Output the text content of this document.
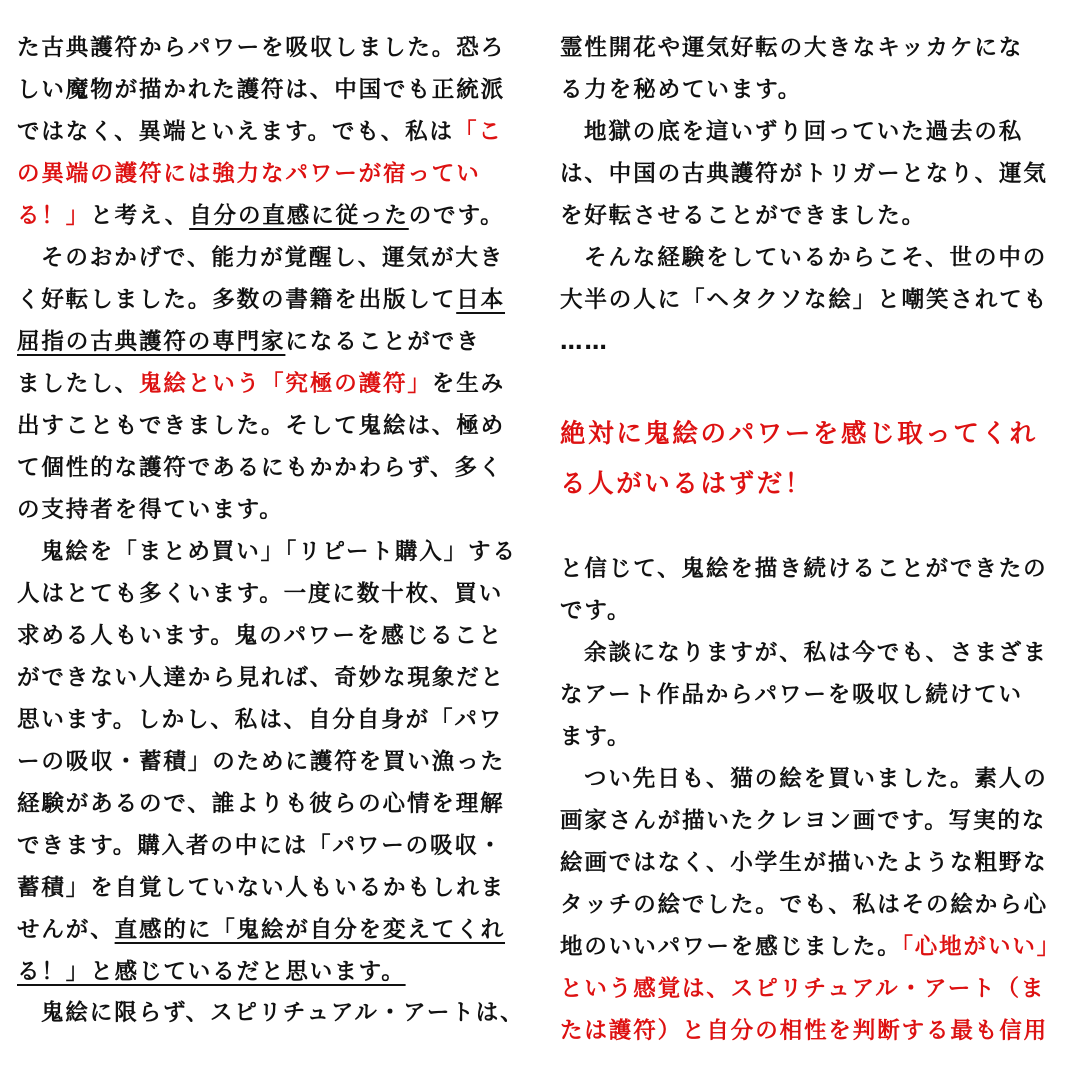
た古典護符からパワーを吸収しました。恐ろ
しい魔物が描かれた護符は、中国でも正統派
ではなく、異端といえます。でも、私は「こ
の異端の護符には強力なパワーが宿ってい
る！」と考え、自分の直感に従ったのです。
そのおかげで、能力が覚醒し、運気が大き
く好転しました。多数の書籍を出版して日本
屈指の古典護符の専門家になることができ
ましたし、鬼絵という「究極の護符」を生み
出すこともできました。そして鬼絵は、極め
て個性的な護符であるにもかかわらず、多く
の支持者を得ています。
鬼絵を「まとめ買い」「リピート購入」する
人はとても多くいます。一度に数十枚、買い
求める人もいます。鬼のパワーを感じること
ができない人達から見れば、奇妙な現象だと
思います。しかし、私は、自分自身が「パワ
ーの吸収・蓄積」のために護符を買い漁った
経験があるので、誰よりも彼らの心情を理解
できます。購入者の中には「パワーの吸収・
蓄積」を自覚していない人もいるかもしれま
せんが、直感的に「鬼絵が自分を変えてくれ
る！」と感じているだと思います。
鬼絵に限らず、スピリチュアル・アートは、
霊性開花や運気好転の大きなキッカケにな
る力を秘めています。
地獄の底を這いずり回っていた過去の私
は、中国の古典護符がトリガーとなり、運気
を好転させることができました。
そんな経験をしているからこそ、世の中の
大半の人に「ヘタクソな絵」と嘲笑されても
……
絶対に鬼絵のパワーを感じ取ってくれ
る人がいるはずだ！
と信じて、鬼絵を描き続けることができたの
です。
余談になりますが、私は今でも、さまざま
なアート作品からパワーを吸収し続けてい
ます。
つい先日も、猫の絵を買いました。素人の
画家さんが描いたクレヨン画です。写実的な
絵画ではなく、小学生が描いたような粗野な
タッチの絵でした。でも、私はその絵から心
地のいいパワーを感じました。「心地がいい」
という感覚は、スピリチュアル・アート（ま
たは護符）と自分の相性を判断する最も信用
